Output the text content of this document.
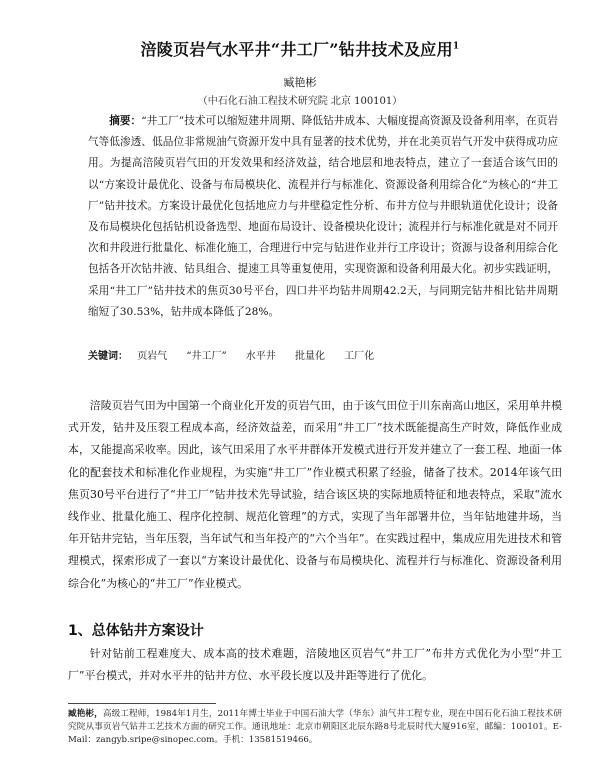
涪陵页岩气水平井“井工厂”钻井技术及应用$^1$
臧艳彬
（中石化石油工程技术研究院 北京 100101）
摘要：“井工厂”技术可以缩短建井周期、降低钻井成本、大幅度提高资源及设备利用率，在页岩气等低渗透、低品位非常规油气资源开发中具有显著的技术优势，并在北美页岩气开发中获得成功应用。为提高涪陵页岩气田的开发效果和经济效益，结合地层和地表特点，建立了一套适合该气田的以“方案设计最优化、设备与布局模块化、流程并行与标准化、资源设备利用综合化”为核心的“井工厂”钻井技术。方案设计最优化包括地应力与井壁稳定性分析、布井方位与井眼轨道优化设计；设备及布局模块化包括钻机设备选型、地面布局设计、设备模块化设计；流程并行与标准化就是对不同开次和井段进行批量化、标准化施工，合理进行中完与钻进作业并行工序设计；资源与设备利用综合化包括各开次钻井液、钻具组合、提速工具等重复使用，实现资源和设备利用最大化。初步实践证明，采用“井工厂”钻井技术的焦页30号平台，四口井平均钻井周期42.2天，与同期完钻井相比钻井周期缩短了30.53%，钻井成本降低了28%。
关键词： 页岩气 “井工厂” 水平井 批量化 工厂化
涪陵页岩气田为中国第一个商业化开发的页岩气田，由于该气田位于川东南高山地区，采用单井模式开发，钻井及压裂工程成本高，经济效益差，而采用“井工厂”技术既能提高生产时效，降低作业成本，又能提高采收率。因此，该气田采用了水平井群体开发模式进行开发并建立了一套工程、地面一体化的配套技术和标准化作业规程，为实施“井工厂”作业模式积累了经验，储备了技术。2014年该气田焦页30号平台进行了“井工厂”钻井技术先导试验，结合该区块的实际地质特征和地表特点，采取“流水线作业、批量化施工、程序化控制、规范化管理”的方式，实现了当年部署井位，当年钻地建井场，当年开钻井完钻，当年压裂，当年试气和当年投产的“六个当年”。在实践过程中，集成应用先进技术和管理模式，探索形成了一套以“方案设计最优化、设备与布局模块化、流程并行与标准化、资源设备利用综合化”为核心的“井工厂”作业模式。
1、总体钻井方案设计
针对钻前工程难度大、成本高的技术难题，涪陵地区页岩气“井工厂”布井方式优化为小型“井工厂”平台模式，并对水平井的钻井方位、水平段长度以及井距等进行了优化。
臧艳彬，高级工程师，1984年1月生，2011年博士毕业于中国石油大学（华东）油气井工程专业，现在中国石化石油工程技术研究院从事页岩气钻井工艺技术方面的研究工作。通讯地址：北京市朝阳区北辰东路8号北辰时代大厦916室，邮编：100101。E-Mail：zangyb.sripe@sinopec.com。手机：13581519466。
